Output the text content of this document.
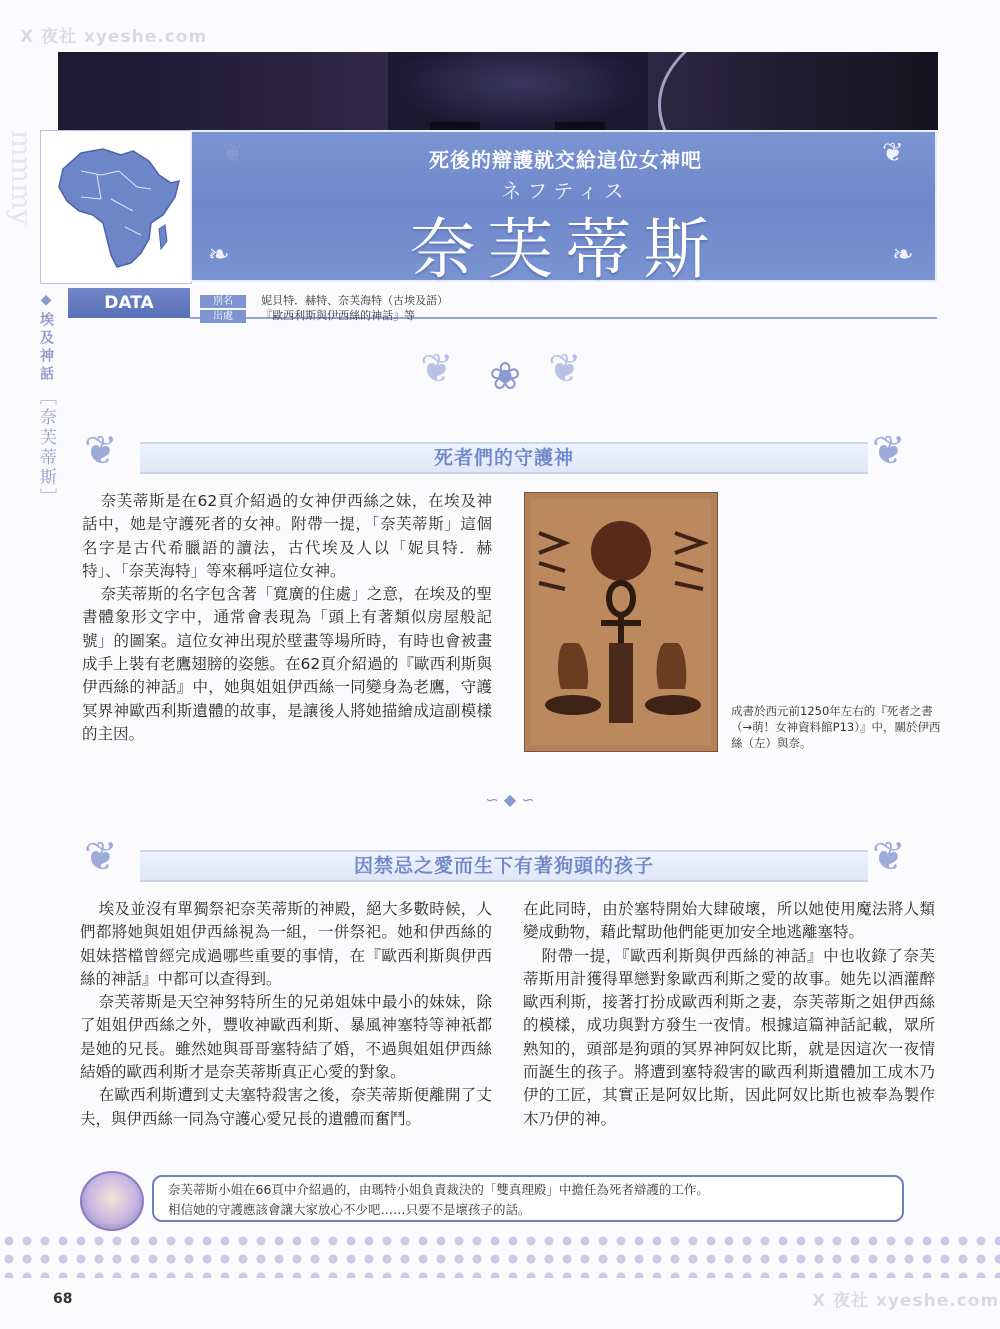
X 夜社 xyeshe.com
mmmy	❦	❦
❧	❧
死後的辯護就交給這位女神吧
ネフティス
奈芙蒂斯
◆埃及神話
［奈芙蒂斯］
DATA	別名	妮貝特．赫特、奈芙海特（古埃及語）
出處	『歐西利斯與伊西絲的神話』等
❀
❦ ❦
❦	❦
死者們的守護神

奈芙蒂斯是在62頁介紹過的女神伊西絲之妹，在埃及神話中，她是守護死者的女神。附帶一提，「奈芙蒂斯」這個名字是古代希臘語的讀法，古代埃及人以「妮貝特．赫特」、「奈芙海特」等來稱呼這位女神。

奈芙蒂斯的名字包含著「寬廣的住處」之意，在埃及的聖書體象形文字中，通常會表現為「頭上有著類似房屋般記號」的圖案。這位女神出現於壁畫等場所時，有時也會被畫成手上裝有老鷹翅膀的姿態。在62頁介紹過的『歐西利斯與伊西絲的神話』中，她與姐姐伊西絲一同變身為老鷹，守護冥界神歐西利斯遺體的故事，是讓後人將她描繪成這副模樣的主因。

成書於西元前1250年左右的『死者之書（→萌！女神資料館P13）』中，關於伊西絲（左）與奈。
∽ ◆ ∽
❦	❦
因禁忌之愛而生下有著狗頭的孩子

埃及並沒有單獨祭祀奈芙蒂斯的神殿，絕大多數時候，人們都將她與姐姐伊西絲視為一組，一併祭祀。她和伊西絲的姐妹搭檔曾經完成過哪些重要的事情，在『歐西利斯與伊西絲的神話』中都可以查得到。

奈芙蒂斯是天空神努特所生的兄弟姐妹中最小的妹妹，除了姐姐伊西絲之外，豐收神歐西利斯、暴風神塞特等神祇都是她的兄長。雖然她與哥哥塞特結了婚，不過與姐姐伊西絲結婚的歐西利斯才是奈芙蒂斯真正心愛的對象。

在歐西利斯遭到丈夫塞特殺害之後，奈芙蒂斯便離開了丈夫，與伊西絲一同為守護心愛兄長的遺體而奮鬥。

在此同時，由於塞特開始大肆破壞，所以她使用魔法將人類變成動物，藉此幫助他們能更加安全地逃離塞特。

附帶一提，『歐西利斯與伊西絲的神話』中也收錄了奈芙蒂斯用計獲得單戀對象歐西利斯之愛的故事。她先以酒灌醉歐西利斯，接著打扮成歐西利斯之妻，奈芙蒂斯之姐伊西絲的模樣，成功與對方發生一夜情。根據這篇神話記載，眾所熟知的，頭部是狗頭的冥界神阿奴比斯，就是因這次一夜情而誕生的孩子。將遭到塞特殺害的歐西利斯遺體加工成木乃伊的工匠，其實正是阿奴比斯，因此阿奴比斯也被奉為製作木乃伊的神。

奈芙蒂斯小姐在66頁中介紹過的，由瑪特小姐負責裁決的「雙真理殿」中擔任為死者辯護的工作。
相信她的守護應該會讓大家放心不少吧……只要不是壞孩子的話。
68	X 夜社 xyeshe.com
